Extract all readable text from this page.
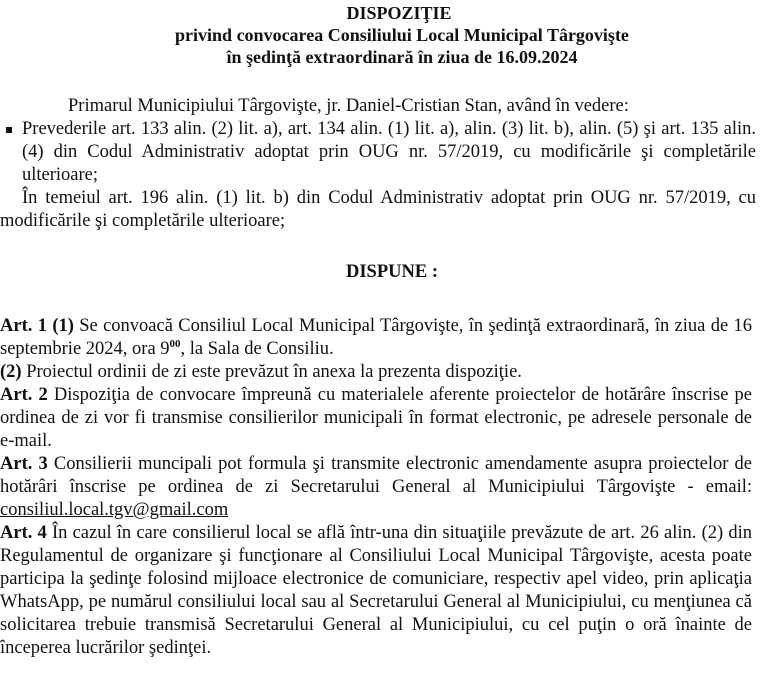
DISPOZIŢIE
privind convocarea Consiliului Local Municipal Târgovişte
în şedinţă extraordinară în ziua de 16.09.2024
Primarul Municipiului Târgovişte, jr. Daniel-Cristian Stan, având în vedere:
Prevederile art. 133 alin. (2) lit. a), art. 134 alin. (1) lit. a), alin. (3) lit. b), alin. (5) şi art. 135 alin. (4) din Codul Administrativ adoptat prin OUG nr. 57/2019, cu modificările şi completările ulterioare;
În temeiul art. 196 alin. (1) lit. b) din Codul Administrativ adoptat prin OUG nr. 57/2019, cu modificările şi completările ulterioare;
DISPUNE :

Art. 1 (1) Se convoacă Consiliul Local Municipal Târgovişte, în şedinţă extraordinară, în ziua de 16 septembrie 2024, ora $9^{00}$, la Sala de Consiliu.

(2) Proiectul ordinii de zi este prevăzut în anexa la prezenta dispoziţie.

Art. 2 Dispoziţia de convocare împreună cu materialele aferente proiectelor de hotărâre înscrise pe ordinea de zi vor fi transmise consilierilor municipali în format electronic, pe adresele personale de e-mail.

Art. 3 Consilierii muncipali pot formula şi transmite electronic amendamente asupra proiectelor de hotărâri înscrise pe ordinea de zi Secretarului General al Municipiului Târgovişte - email: consiliul.local.tgv@gmail.com

Art. 4 În cazul în care consilierul local se află într-una din situaţiile prevăzute de art. 26 alin. (2) din Regulamentul de organizare şi funcţionare al Consiliului Local Municipal Târgovişte, acesta poate participa la şedinţe folosind mijloace electronice de comuniciare, respectiv apel video, prin aplicaţia WhatsApp, pe numărul consiliului local sau al Secretarului General al Municipiului, cu menţiunea că solicitarea trebuie transmisă Secretarului General al Municipiului, cu cel puţin o oră înainte de începerea lucrărilor şedinţei.
